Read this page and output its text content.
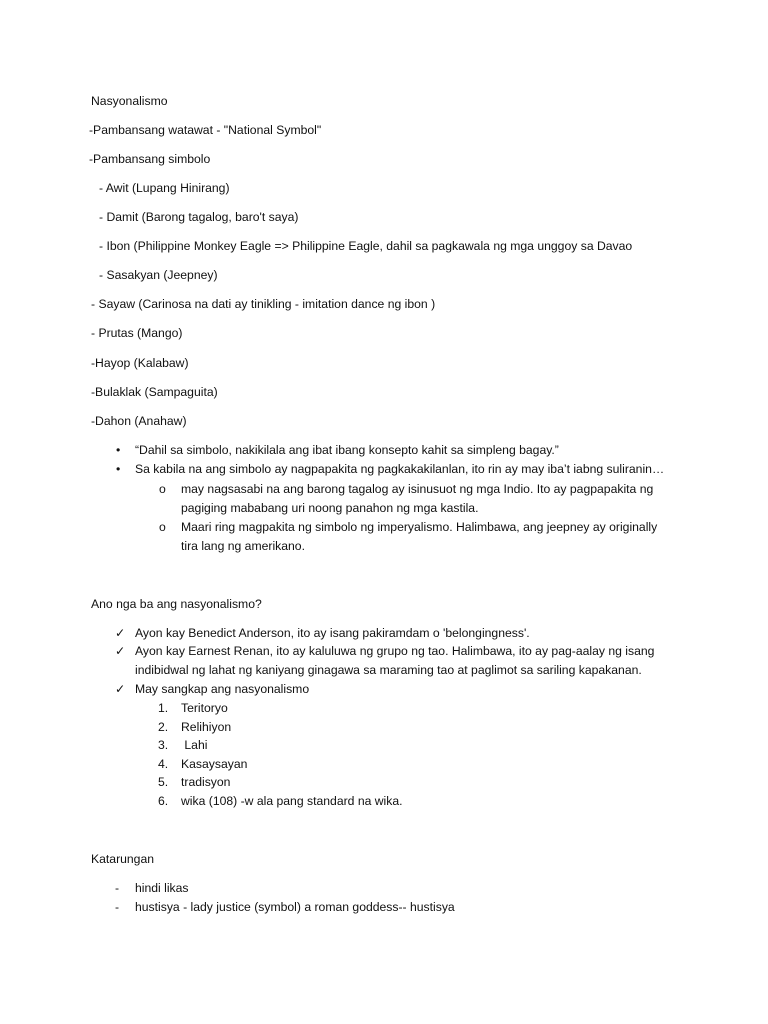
Nasyonalismo
-Pambansang watawat - "National Symbol"
-Pambansang simbolo
- Awit (Lupang Hinirang)
- Damit (Barong tagalog, baro't saya)
- Ibon (Philippine Monkey Eagle => Philippine Eagle, dahil sa pagkawala ng mga unggoy sa Davao
- Sasakyan (Jeepney)
- Sayaw (Carinosa na dati ay tinikling - imitation dance ng ibon )
- Prutas (Mango)
-Hayop (Kalabaw)
-Bulaklak (Sampaguita)
-Dahon (Anahaw)
• “Dahil sa simbolo, nakikilala ang ibat ibang konsepto kahit sa simpleng bagay.”
• Sa kabila na ang simbolo ay nagpapakita ng pagkakakilanlan, ito rin ay may iba’t iabng suliranin…
o may nagsasabi na ang barong tagalog ay isinusuot ng mga Indio. Ito ay pagpapakita ng
pagiging mababang uri noong panahon ng mga kastila.
o Maari ring magpakita ng simbolo ng imperyalismo. Halimbawa, ang jeepney ay originally
tira lang ng amerikano.
Ano nga ba ang nasyonalismo?
✓ Ayon kay Benedict Anderson, ito ay isang pakiramdam o 'belongingness'.
✓ Ayon kay Earnest Renan, ito ay kaluluwa ng grupo ng tao. Halimbawa, ito ay pag-aalay ng isang
indibidwal ng lahat ng kaniyang ginagawa sa maraming tao at paglimot sa sariling kapakanan.
✓ May sangkap ang nasyonalismo
1. Teritoryo
2. Relihiyon
3. Lahi
4. Kasaysayan
5. tradisyon
6. wika (108) -w ala pang standard na wika.
Katarungan
- hindi likas
- hustisya - lady justice (symbol) a roman goddess-- hustisya
